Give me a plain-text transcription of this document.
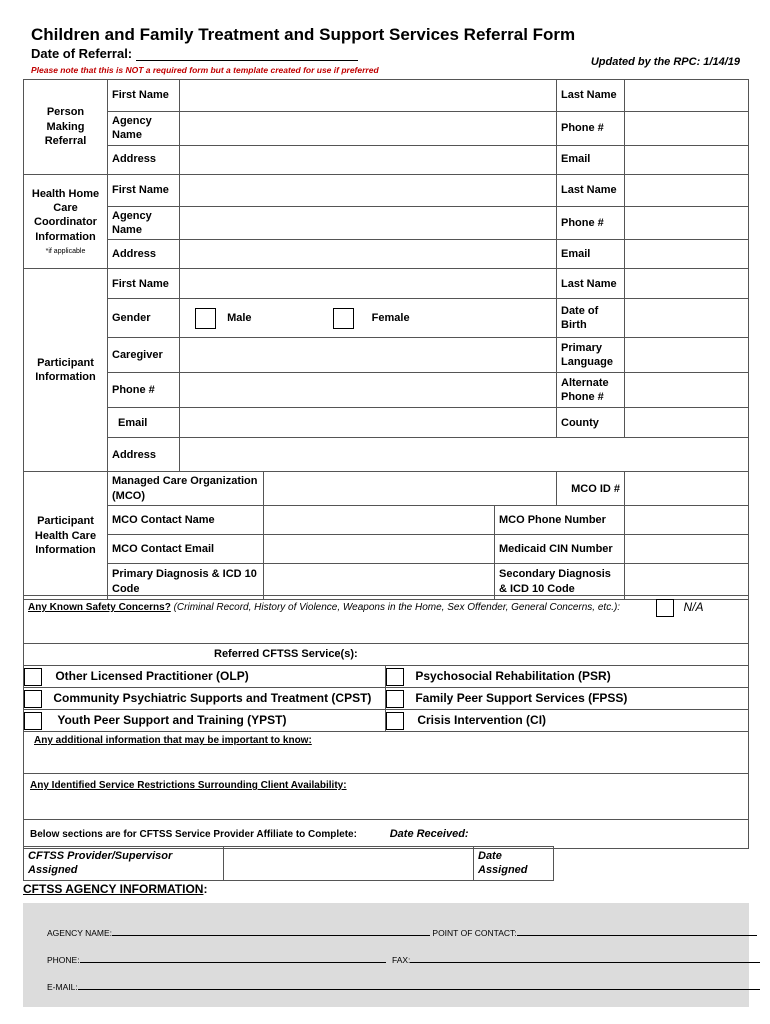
Children and Family Treatment and Support Services Referral Form
Date of Referral:
Please note that this is NOT a required form but a template created for use if preferred
Updated by the RPC: 1/14/19
Person Making Referral	First Name				Last Name	
	Agency Name				Phone #	
	Address				Email	
Health Home Care Coordinator Information
*if applicable	First Name				Last Name	
	Agency Name				Phone #	
	Address				Email	
Participant Information	First Name				Last Name	
	Gender	Male Female			Date of Birth	
	Caregiver				Primary Language	
	Phone #				Alternate Phone #	
	Email				County	
	Address					
Participant Health Care Information	Managed Care Organization (MCO)				MCO ID #	
	MCO Contact Name			MCO Phone Number		
	MCO Contact Email			Medicaid CIN Number		
	Primary Diagnosis & ICD 10 Code			Secondary Diagnosis & ICD 10 Code		
Any Known Safety Concerns? (Criminal Record, History of Violence, Weapons in the Home, Sex Offender, General Concerns, etc.): N/A	

Referred CFTSS Service(s):	
Other Licensed Practitioner (OLP)	Psychosocial Rehabilitation (PSR)
Community Psychiatric Supports and Treatment (CPST)	Family Peer Support Services (FPSS)
Youth Peer Support and Training (YPST)	Crisis Intervention (CI)
Any additional information that may be important to know:	
Any Identified Service Restrictions Surrounding Client Availability:	
Below sections are for CFTSS Service Provider Affiliate to Complete: Date Received:	
CFTSS Provider/Supervisor Assigned		Date Assigned	
CFTSS AGENCY INFORMATION:
AGENCY NAME:	POINT OF CONTACT:
PHONE:	FAX:
E-MAIL:
